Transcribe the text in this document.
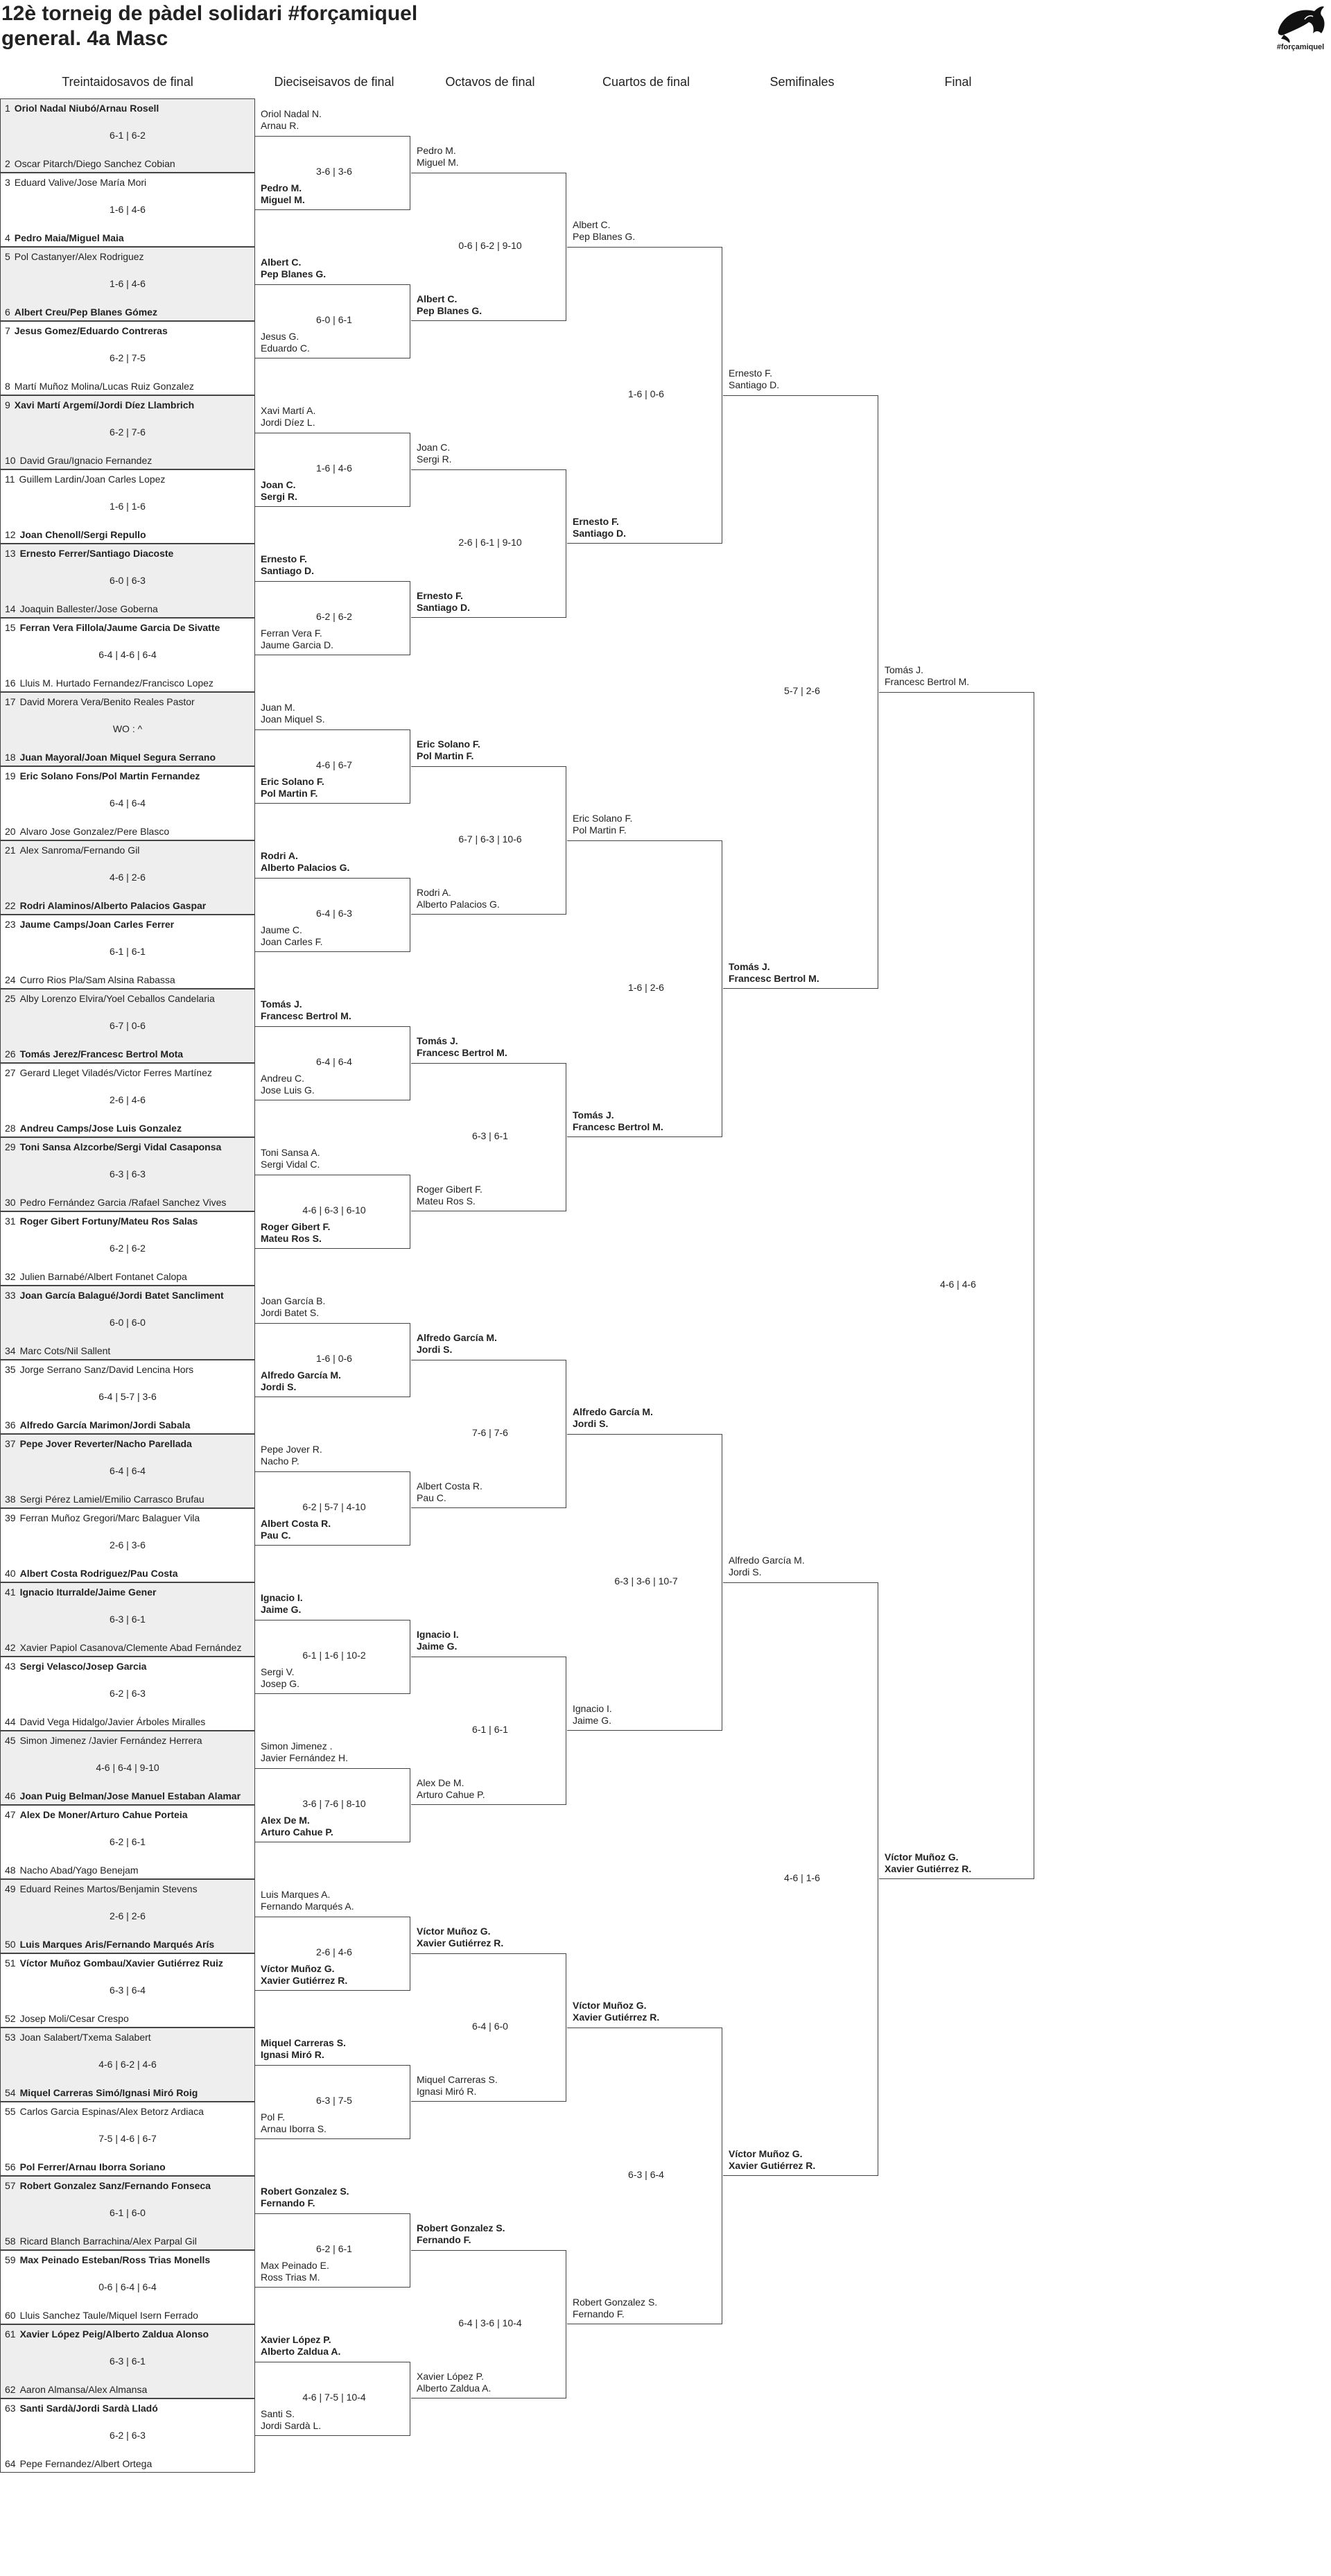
12è torneig de pàdel solidari #forçamiquel
general. 4a Masc	#forçamiquel
Treintaidosavos de final	Dieciseisavos de final	Octavos de final	Cuartos de final	Semifinales	Final
1 Oriol Nadal Niubó/Arnau Rosell
2 Oscar Pitarch/Diego Sanchez Cobian
6-1 | 6-2
3 Eduard Valive/Jose María Mori
4 Pedro Maia/Miguel Maia
1-6 | 4-6
5 Pol Castanyer/Alex Rodriguez
6 Albert Creu/Pep Blanes Gómez
1-6 | 4-6
7 Jesus Gomez/Eduardo Contreras
8 Martí Muñoz Molina/Lucas Ruiz Gonzalez
6-2 | 7-5
9 Xavi Martí Argemí/Jordi Díez Llambrich
10 David Grau/Ignacio Fernandez
6-2 | 7-6
11 Guillem Lardin/Joan Carles Lopez
12 Joan Chenoll/Sergi Repullo
1-6 | 1-6
13 Ernesto Ferrer/Santiago Diacoste
14 Joaquin Ballester/Jose Goberna
6-0 | 6-3
15 Ferran Vera Fillola/Jaume Garcia De Sivatte
16 Lluis M. Hurtado Fernandez/Francisco Lopez
6-4 | 4-6 | 6-4
17 David Morera Vera/Benito Reales Pastor
18 Juan Mayoral/Joan Miquel Segura Serrano
WO : ^
19 Eric Solano Fons/Pol Martin Fernandez
20 Alvaro Jose Gonzalez/Pere Blasco
6-4 | 6-4
21 Alex Sanroma/Fernando Gil
22 Rodri Alaminos/Alberto Palacios Gaspar
4-6 | 2-6
23 Jaume Camps/Joan Carles Ferrer
24 Curro Rios Pla/Sam Alsina Rabassa
6-1 | 6-1
25 Alby Lorenzo Elvira/Yoel Ceballos Candelaria
26 Tomás Jerez/Francesc Bertrol Mota
6-7 | 0-6
27 Gerard Lleget Viladés/Victor Ferres Martínez
28 Andreu Camps/Jose Luis Gonzalez
2-6 | 4-6
29 Toni Sansa Alzcorbe/Sergi Vidal Casaponsa
30 Pedro Fernández Garcia /Rafael Sanchez Vives
6-3 | 6-3
31 Roger Gibert Fortuny/Mateu Ros Salas
32 Julien Barnabé/Albert Fontanet Calopa
6-2 | 6-2
33 Joan García Balagué/Jordi Batet Sancliment
34 Marc Cots/Nil Sallent
6-0 | 6-0
35 Jorge Serrano Sanz/David Lencina Hors
36 Alfredo García Marimon/Jordi Sabala
6-4 | 5-7 | 3-6
37 Pepe Jover Reverter/Nacho Parellada
38 Sergi Pérez Lamiel/Emilio Carrasco Brufau
6-4 | 6-4
39 Ferran Muñoz Gregori/Marc Balaguer Vila
40 Albert Costa Rodriguez/Pau Costa
2-6 | 3-6
41 Ignacio Iturralde/Jaime Gener
42 Xavier Papiol Casanova/Clemente Abad Fernández
6-3 | 6-1
43 Sergi Velasco/Josep Garcia
44 David Vega Hidalgo/Javier Árboles Miralles
6-2 | 6-3
45 Simon Jimenez /Javier Fernández Herrera
46 Joan Puig Belman/Jose Manuel Estaban Alamar
4-6 | 6-4 | 9-10
47 Alex De Moner/Arturo Cahue Porteia
48 Nacho Abad/Yago Benejam
6-2 | 6-1
49 Eduard Reines Martos/Benjamin Stevens
50 Luis Marques Aris/Fernando Marqués Arís
2-6 | 2-6
51 Víctor Muñoz Gombau/Xavier Gutiérrez Ruiz
52 Josep Moli/Cesar Crespo
6-3 | 6-4
53 Joan Salabert/Txema Salabert
54 Miquel Carreras Simó/Ignasi Miró Roig
4-6 | 6-2 | 4-6
55 Carlos Garcia Espinas/Alex Betorz Ardiaca
56 Pol Ferrer/Arnau Iborra Soriano
7-5 | 4-6 | 6-7
57 Robert Gonzalez Sanz/Fernando Fonseca
58 Ricard Blanch Barrachina/Alex Parpal Gil
6-1 | 6-0
59 Max Peinado Esteban/Ross Trias Monells
60 Lluis Sanchez Taule/Miquel Isern Ferrado
0-6 | 6-4 | 6-4
61 Xavier López Peig/Alberto Zaldua Alonso
62 Aaron Almansa/Alex Almansa
6-3 | 6-1
63 Santi Sardà/Jordi Sardà Lladó
64 Pepe Fernandez/Albert Ortega
6-2 | 6-3
Oriol Nadal N.
Arnau R.
Pedro M.
Miguel M.
3-6 | 3-6
Albert C.
Pep Blanes G.
Jesus G.
Eduardo C.
6-0 | 6-1
Xavi Martí A.
Jordi Díez L.
Joan C.
Sergi R.
1-6 | 4-6
Ernesto F.
Santiago D.
Ferran Vera F.
Jaume Garcia D.
6-2 | 6-2
Juan M.
Joan Miquel S.
Eric Solano F.
Pol Martin F.
4-6 | 6-7
Rodri A.
Alberto Palacios G.
Jaume C.
Joan Carles F.
6-4 | 6-3
Tomás J.
Francesc Bertrol M.
Andreu C.
Jose Luis G.
6-4 | 6-4
Toni Sansa A.
Sergi Vidal C.
Roger Gibert F.
Mateu Ros S.
4-6 | 6-3 | 6-10
Joan García B.
Jordi Batet S.
Alfredo García M.
Jordi S.
1-6 | 0-6
Pepe Jover R.
Nacho P.
Albert Costa R.
Pau C.
6-2 | 5-7 | 4-10
Ignacio I.
Jaime G.
Sergi V.
Josep G.
6-1 | 1-6 | 10-2
Simon Jimenez .
Javier Fernández H.
Alex De M.
Arturo Cahue P.
3-6 | 7-6 | 8-10
Luis Marques A.
Fernando Marqués A.
Víctor Muñoz G.
Xavier Gutiérrez R.
2-6 | 4-6
Miquel Carreras S.
Ignasi Miró R.
Pol F.
Arnau Iborra S.
6-3 | 7-5
Robert Gonzalez S.
Fernando F.
Max Peinado E.
Ross Trias M.
6-2 | 6-1
Xavier López P.
Alberto Zaldua A.
Santi S.
Jordi Sardà L.
4-6 | 7-5 | 10-4
Pedro M.
Miguel M.
Albert C.
Pep Blanes G.
0-6 | 6-2 | 9-10
Joan C.
Sergi R.
Ernesto F.
Santiago D.
2-6 | 6-1 | 9-10
Eric Solano F.
Pol Martin F.
Rodri A.
Alberto Palacios G.
6-7 | 6-3 | 10-6
Tomás J.
Francesc Bertrol M.
Roger Gibert F.
Mateu Ros S.
6-3 | 6-1
Alfredo García M.
Jordi S.
Albert Costa R.
Pau C.
7-6 | 7-6
Ignacio I.
Jaime G.
Alex De M.
Arturo Cahue P.
6-1 | 6-1
Víctor Muñoz G.
Xavier Gutiérrez R.
Miquel Carreras S.
Ignasi Miró R.
6-4 | 6-0
Robert Gonzalez S.
Fernando F.
Xavier López P.
Alberto Zaldua A.
6-4 | 3-6 | 10-4
Albert C.
Pep Blanes G.
Ernesto F.
Santiago D.
1-6 | 0-6
Eric Solano F.
Pol Martin F.
Tomás J.
Francesc Bertrol M.
1-6 | 2-6
Alfredo García M.
Jordi S.
Ignacio I.
Jaime G.
6-3 | 3-6 | 10-7
Víctor Muñoz G.
Xavier Gutiérrez R.
Robert Gonzalez S.
Fernando F.
6-3 | 6-4
Ernesto F.
Santiago D.
Tomás J.
Francesc Bertrol M.
5-7 | 2-6
Alfredo García M.
Jordi S.
Víctor Muñoz G.
Xavier Gutiérrez R.
4-6 | 1-6
Tomás J.
Francesc Bertrol M.
Víctor Muñoz G.
Xavier Gutiérrez R.
4-6 | 4-6
